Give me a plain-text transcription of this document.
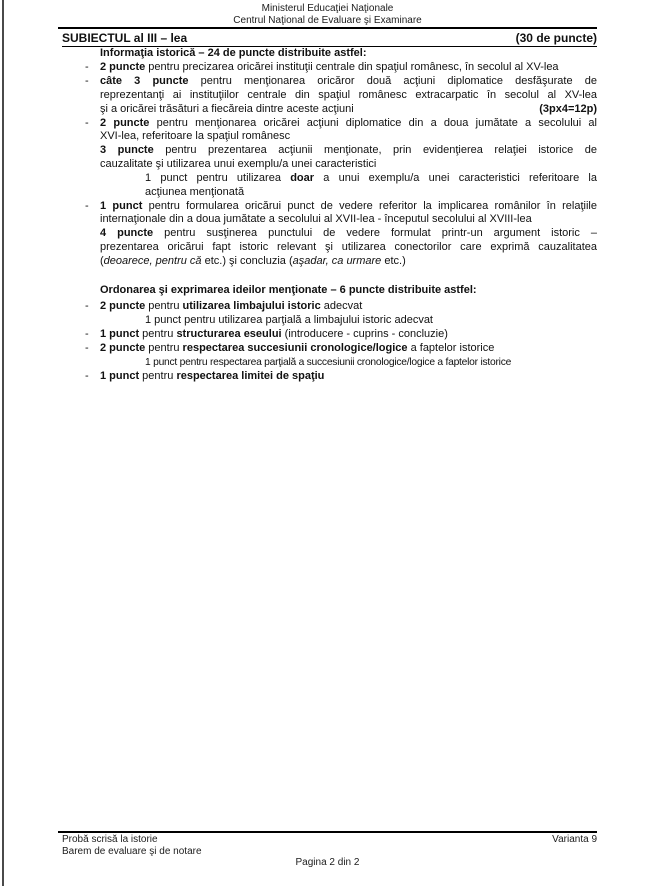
Ministerul Educaţiei Naţionale
Centrul Naţional de Evaluare şi Examinare
SUBIECTUL al III – lea	(30 de puncte)
Informaţia istorică – 24 de puncte distribuite astfel:
- 2 puncte pentru precizarea oricărei instituţii centrale din spaţiul românesc, în secolul al XV-lea
- câte 3 puncte pentru menţionarea oricăror două acţiuni diplomatice desfăşurate de
reprezentanţi ai instituţiilor centrale din spaţiul românesc extracarpatic în secolul al XV-lea
şi a oricărei trăsături a fiecăreia dintre aceste acţiuni	(3px4=12p)
- 2 puncte pentru menţionarea oricărei acţiuni diplomatice din a doua jumătate a secolului al
XVI-lea, referitoare la spaţiul românesc
3 puncte pentru prezentarea acţiunii menţionate, prin evidenţierea relaţiei istorice de
cauzalitate şi utilizarea unui exemplu/a unei caracteristici
1 punct pentru utilizarea doar a unui exemplu/a unei caracteristici referitoare la
acţiunea menţionată
- 1 punct pentru formularea oricărui punct de vedere referitor la implicarea românilor în relaţiile
internaţionale din a doua jumătate a secolului al XVII-lea - începutul secolului al XVIII-lea
4 puncte pentru susţinerea punctului de vedere formulat printr-un argument istoric –
prezentarea oricărui fapt istoric relevant şi utilizarea conectorilor care exprimă cauzalitatea
(deoarece, pentru că etc.) şi concluzia (aşadar, ca urmare etc.)
Ordonarea şi exprimarea ideilor menţionate – 6 puncte distribuite astfel:
- 2 puncte pentru utilizarea limbajului istoric adecvat
1 punct pentru utilizarea parţială a limbajului istoric adecvat
- 1 punct pentru structurarea eseului (introducere - cuprins - concluzie)
- 2 puncte pentru respectarea succesiunii cronologice/logice a faptelor istorice
1 punct pentru respectarea parţială a succesiunii cronologice/logice a faptelor istorice
- 1 punct pentru respectarea limitei de spaţiu
Probă scrisă la istorie
Barem de evaluare şi de notare
Varianta 9
Pagina 2 din 2
